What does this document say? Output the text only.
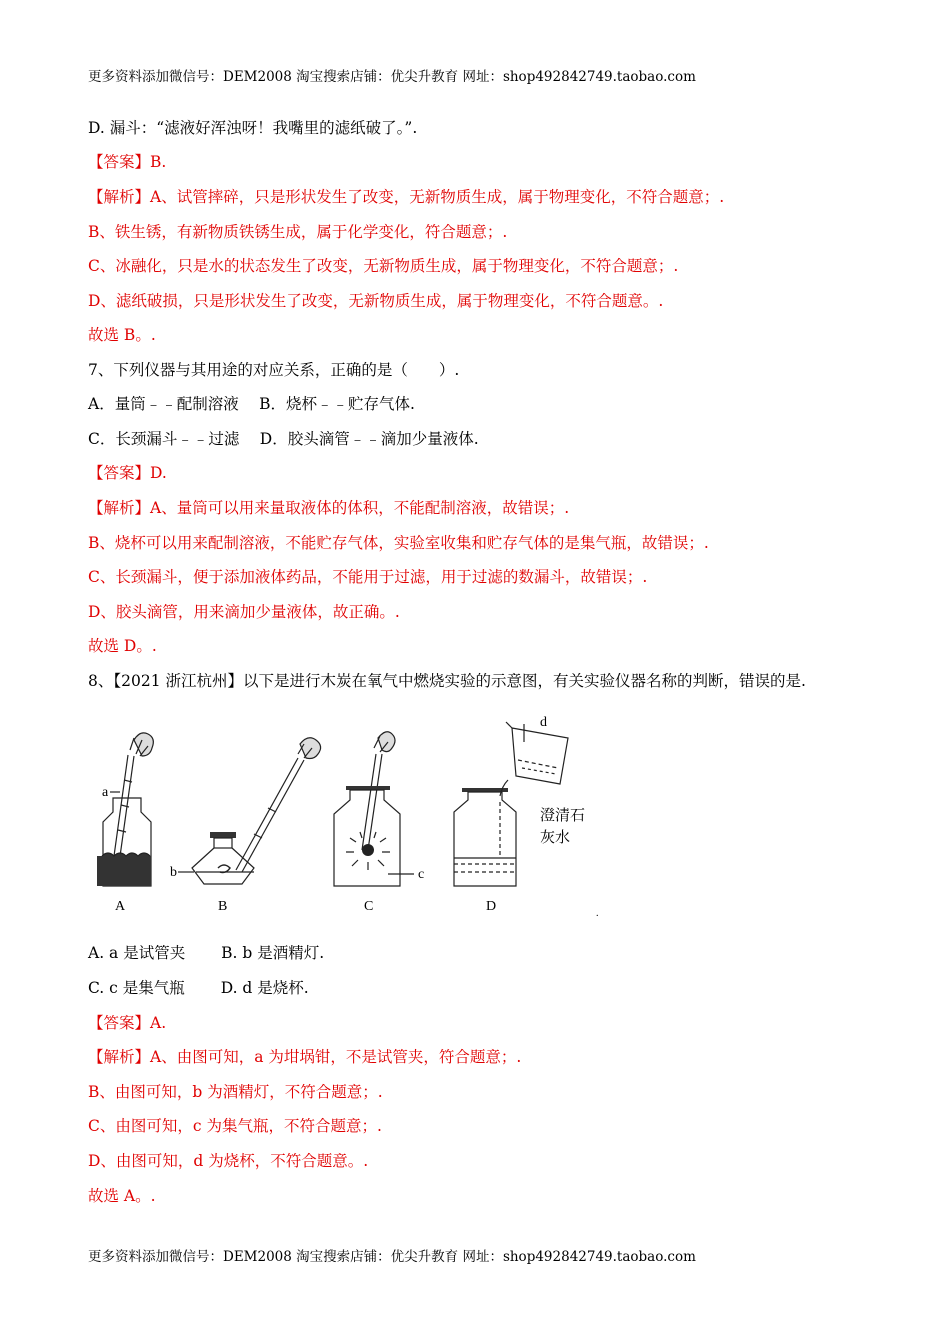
更多资料添加微信号：DEM2008 淘宝搜索店铺：优尖升教育 网址：shop492842749.taobao.com
D. 漏斗：“滤液好浑浊呀！我嘴里的滤纸破了。”.
【答案】B.
【解析】A、试管摔碎，只是形状发生了改变，无新物质生成，属于物理变化，不符合题意；.
B、铁生锈，有新物质铁锈生成，属于化学变化，符合题意；.
C、冰融化，只是水的状态发生了改变，无新物质生成，属于物理变化，不符合题意；.
D、滤纸破损，只是形状发生了改变，无新物质生成，属于物理变化，不符合题意。.
故选 B。.
7、下列仪器与其用途的对应关系，正确的是（　　）.
A．量筒﹣﹣配制溶液　 B．烧杯﹣﹣贮存气体.
C．长颈漏斗﹣﹣过滤　 D．胶头滴管﹣﹣滴加少量液体.
【答案】D.
【解析】A、量筒可以用来量取液体的体积，不能配制溶液，故错误；.
B、烧杯可以用来配制溶液，不能贮存气体，实验室收集和贮存气体的是集气瓶，故错误；.
C、长颈漏斗，便于添加液体药品，不能用于过滤，用于过滤的数漏斗，故错误；.
D、胶头滴管，用来滴加少量液体，故正确。.
故选 D。.
8、【2021 浙江杭州】以下是进行木炭在氧气中燃烧实验的示意图，有关实验仪器名称的判断，错误的是.
a
A
b
B
c
C
d
澄清石
灰水
D	.
A. a 是试管夹　　 B. b 是酒精灯.
C. c 是集气瓶　　 D. d 是烧杯.
【答案】A.
【解析】A、由图可知，a 为坩埚钳，不是试管夹，符合题意；.
B、由图可知，b 为酒精灯，不符合题意；.
C、由图可知，c 为集气瓶，不符合题意；.
D、由图可知，d 为烧杯，不符合题意。.
故选 A。.
更多资料添加微信号：DEM2008 淘宝搜索店铺：优尖升教育 网址：shop492842749.taobao.com
